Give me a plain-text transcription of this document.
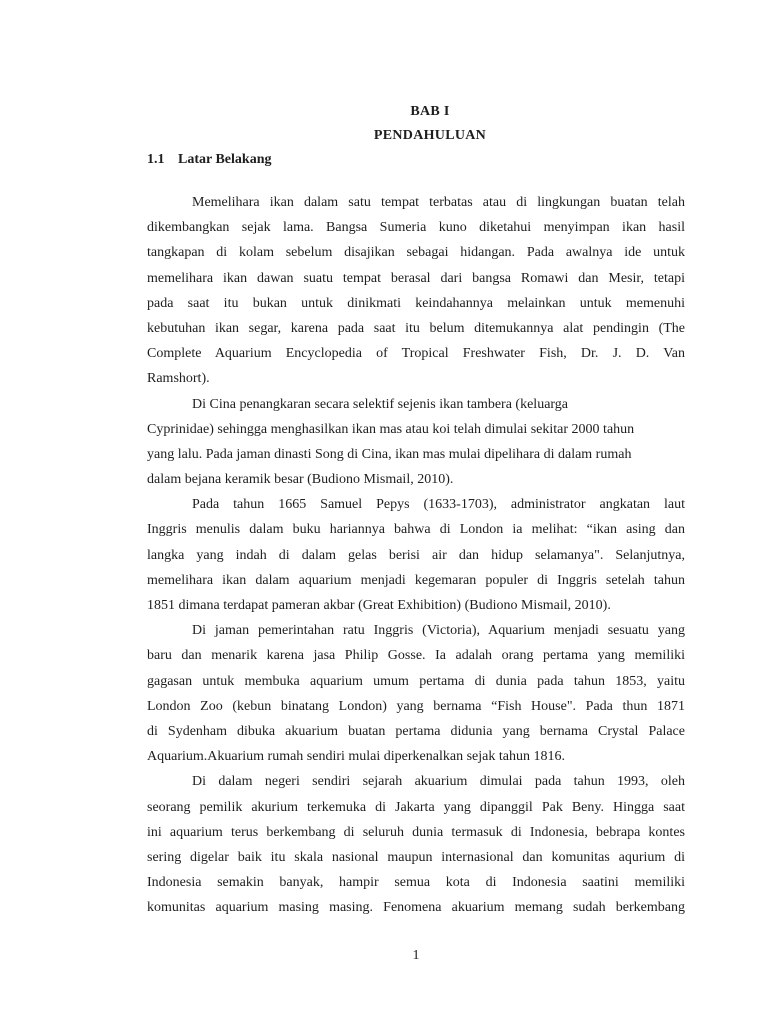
BAB I
PENDAHULUAN
1.1 Latar Belakang
Memelihara ikan dalam satu tempat terbatas atau di lingkungan buatan telah
dikembangkan sejak lama. Bangsa Sumeria kuno diketahui menyimpan ikan hasil
tangkapan di kolam sebelum disajikan sebagai hidangan. Pada awalnya ide untuk
memelihara ikan dawan suatu tempat berasal dari bangsa Romawi dan Mesir, tetapi
pada saat itu bukan untuk dinikmati keindahannya melainkan untuk memenuhi
kebutuhan ikan segar, karena pada saat itu belum ditemukannya alat pendingin (The
Complete Aquarium Encyclopedia of Tropical Freshwater Fish, Dr. J. D. Van
Ramshort).
Di Cina penangkaran secara selektif sejenis ikan tambera (keluarga
Cyprinidae) sehingga menghasilkan ikan mas atau koi telah dimulai sekitar 2000 tahun
yang lalu. Pada jaman dinasti Song di Cina, ikan mas mulai dipelihara di dalam rumah
dalam bejana keramik besar (Budiono Mismail, 2010).
Pada tahun 1665 Samuel Pepys (1633-1703), administrator angkatan laut
Inggris menulis dalam buku hariannya bahwa di London ia melihat: “ikan asing dan
langka yang indah di dalam gelas berisi air dan hidup selamanya". Selanjutnya,
memelihara ikan dalam aquarium menjadi kegemaran populer di Inggris setelah tahun
1851 dimana terdapat pameran akbar (Great Exhibition) (Budiono Mismail, 2010).
Di jaman pemerintahan ratu Inggris (Victoria), Aquarium menjadi sesuatu yang
baru dan menarik karena jasa Philip Gosse. Ia adalah orang pertama yang memiliki
gagasan untuk membuka aquarium umum pertama di dunia pada tahun 1853, yaitu
London Zoo (kebun binatang London) yang bernama “Fish House". Pada thun 1871
di Sydenham dibuka akuarium buatan pertama didunia yang bernama Crystal Palace
Aquarium.Akuarium rumah sendiri mulai diperkenalkan sejak tahun 1816.
Di dalam negeri sendiri sejarah akuarium dimulai pada tahun 1993, oleh
seorang pemilik akurium terkemuka di Jakarta yang dipanggil Pak Beny. Hingga saat
ini aquarium terus berkembang di seluruh dunia termasuk di Indonesia, bebrapa kontes
sering digelar baik itu skala nasional maupun internasional dan komunitas aqurium di
Indonesia semakin banyak, hampir semua kota di Indonesia saatini memiliki
komunitas aquarium masing masing. Fenomena akuarium memang sudah berkembang
1
